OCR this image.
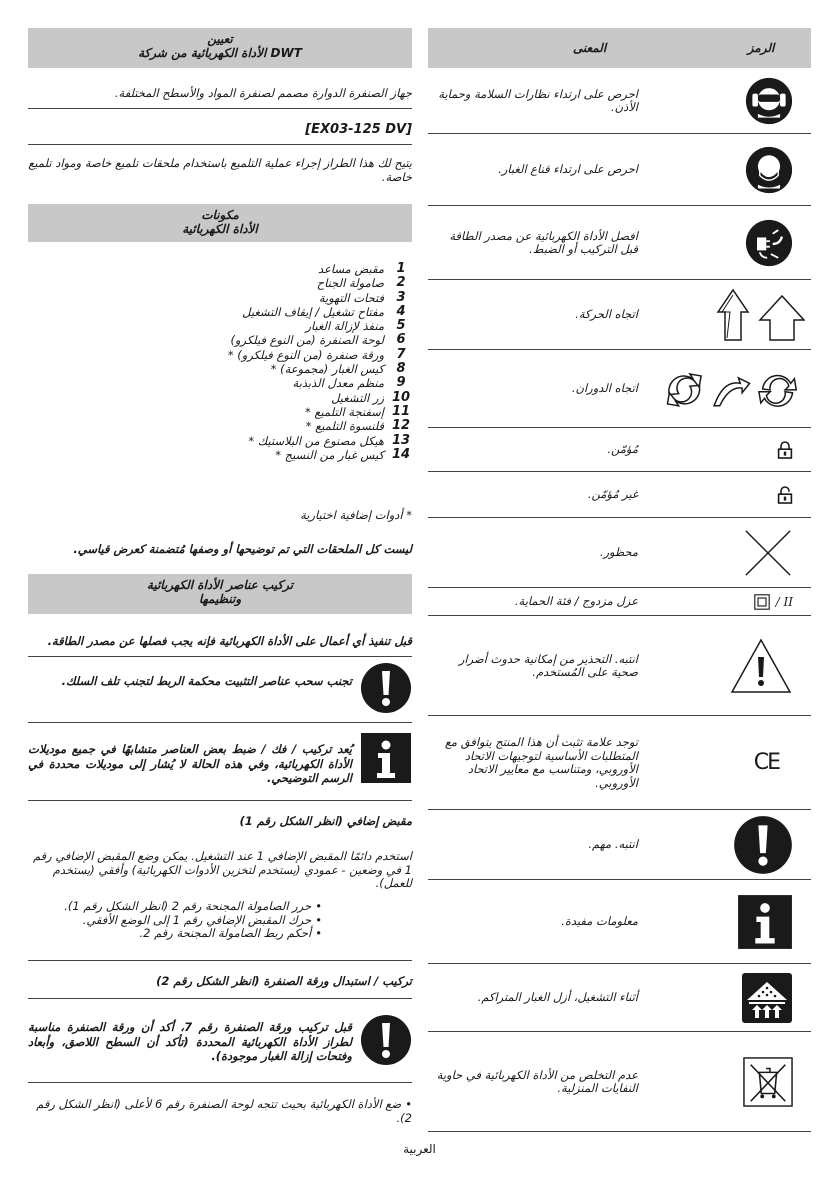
تعيين
الأداة الكهربائية من شركة DWT
جهاز الصنفرة الدوارة مصمم لصنفرة المواد والأسطح المختلفة.
[EX03-125 DV]
يتيح لك هذا الطراز إجراء عملية التلميع باستخدام ملحقات تلميع خاصة ومواد تلميع خاصة.
مكونات
الأداة الكهربائية
1
مقبض مساعد
2
صامولة الجناح
3
فتحات التهوية
4
مفتاح تشغيل / إيقاف التشغيل
5
منفذ لإزالة الغبار
6
لوحة الصنفرة (من النوع فيلكرو)
7
ورقة صنفرة (من النوع فيلكرو) *
8
كيس الغبار (مجموعة) *
9
منظم معدل الذبذبة
10
زر التشغيل
11
إسفنجة التلميع *
12
قلنسوة التلميع *
13
هيكل مصنوع من البلاستيك *
14
كيس غبار من النسيج *
* أدوات إضافية اختيارية
ليست كل الملحقات التي تم توضيحها أو وصفها مُتضمنة كعرض قياسي.
تركيب عناصر الأداة الكهربائية
وتنظيمها
قبل تنفيذ أي أعمال على الأداة الكهربائية فإنه يجب فصلها عن مصدر الطاقة.
تجنب سحب عناصر التثبيت محكمة الربط لتجنب تلف السلك.
يُعد تركيب / فك / ضبط بعض العناصر متشابهًا في جميع موديلات الأداة الكهربائية، وفي هذه الحالة لا يُشار إلى موديلات محددة في الرسم التوضيحي.
مقبض إضافي (انظر الشكل رقم 1)
استخدم دائمًا المقبض الإضافي 1 عند التشغيل. يمكن وضع المقبض الإضافي رقم 1 في وضعين - عمودي (يستخدم لتخزين الأدوات الكهربائية) وأفقي (يستخدم للعمل).
•حرر الصامولة المجنحة رقم 2 (انظر الشكل رقم 1).
•حرك المقبض الإضافي رقم 1 إلى الوضع الأفقي.
•أحكم ربط الصامولة المجنحة رقم 2.
تركيب / استبدال ورقة الصنفرة (انظر الشكل رقم 2)
قبل تركيب ورقة الصنفرة رقم 7، أكد أن ورقة الصنفرة مناسبة لطراز الأداة الكهربائية المحددة (تأكد أن السطح اللاصق، وأبعاد وفتحات إزالة الغبار موجودة).
•ضع الأداة الكهربائية بحيث تتجه لوحة الصنفرة رقم 6 لأعلى (انظر الشكل رقم 2).
الرمز
المعنى
احرص على ارتداء نظارات السلامة وحماية الأذن.
احرص على ارتداء قناع الغبار.
افصل الأداة الكهربائية عن مصدر الطاقة قبل التركيب أو الضبط.
اتجاه الحركة.
اتجاه الدوران.
مُؤمّن.
غير مُؤمّن.
محظور.
/ II
عزل مزدوج / فئة الحماية.
انتبه. التحذير من إمكانية حدوث أضرار صحية على المُستخدم.
CE
توجد علامة تثبت أن هذا المنتج يتوافق مع المتطلبات الأساسية لتوجيهات الاتحاد الأوروبي، ومتناسب مع معايير الاتحاد الأوروبي.
انتبه. مهم.
معلومات مفيدة.
أثناء التشغيل، أزل الغبار المتراكم.
عدم التخلص من الأداة الكهربائية في حاوية النفايات المنزلية.
العربية
